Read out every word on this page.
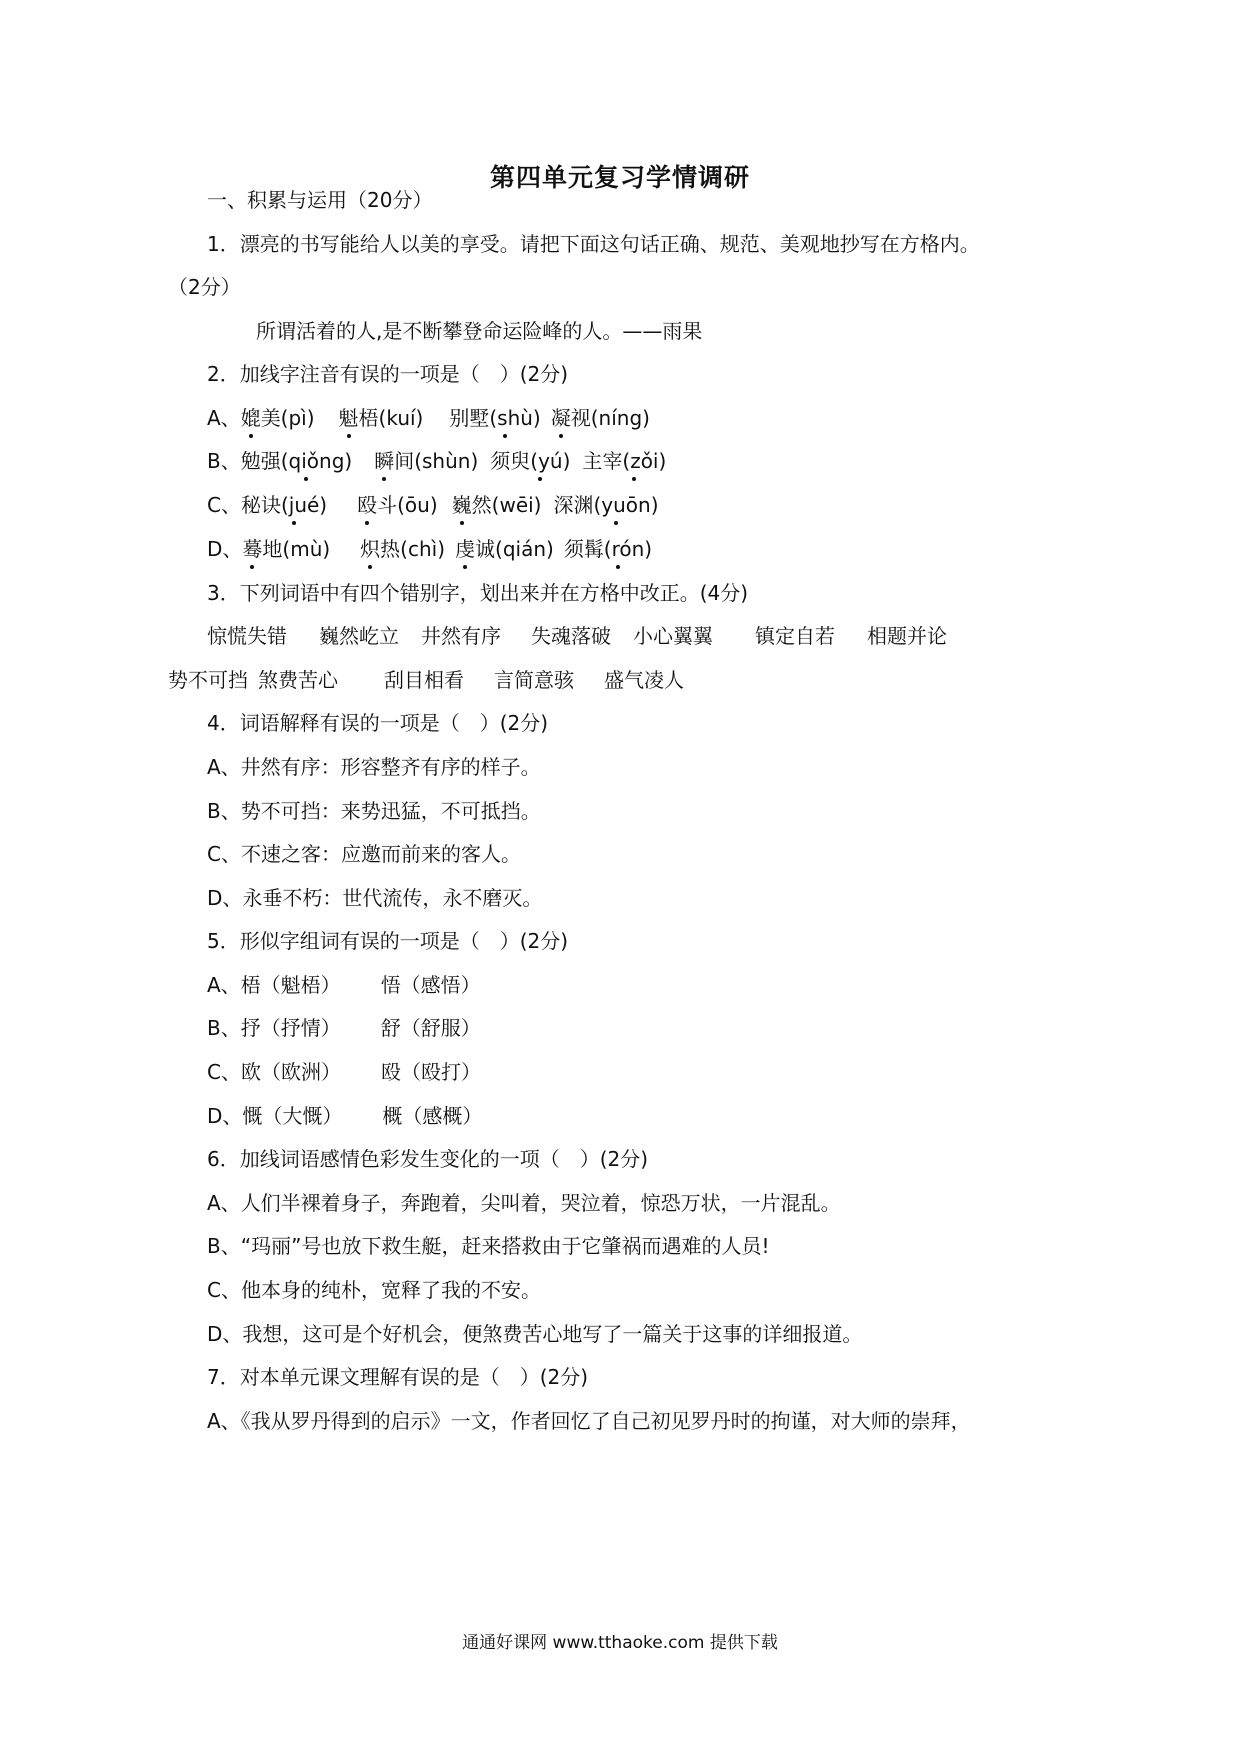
第四单元复习学情调研
一、积累与运用（20分）
1．漂亮的书写能给人以美的享受。请把下面这句话正确、规范、美观地抄写在方格内。
（2分）
所谓活着的人,是不断攀登命运险峰的人。——雨果
2．加线字注音有误的一项是（　）(2分)
A、媲美(pì) 魁梧(kuí) 别墅(shù) 凝视(níng)
B、勉强(qiǒng) 瞬间(shùn) 须臾(yú) 主宰(zǒi)
C、秘诀(jué) 殴斗(ōu) 巍然(wēi) 深渊(yuōn)
D、蓦地(mù) 炽热(chì) 虔诚(qián) 须髯(rón)
3．下列词语中有四个错别字，划出来并在方格中改正。(4分)
惊慌失错 巍然屹立 井然有序 失魂落破 小心翼翼 镇定自若 相题并论
势不可挡 煞费苦心 刮目相看 言简意骇 盛气凌人
4．词语解释有误的一项是（　）(2分)
A、井然有序：形容整齐有序的样子。
B、势不可挡：来势迅猛，不可抵挡。
C、不速之客：应邀而前来的客人。
D、永垂不朽：世代流传，永不磨灭。
5．形似字组词有误的一项是（　）(2分)
A、梧（魁梧） 悟（感悟）
B、抒（抒情） 舒（舒服）
C、欧（欧洲） 殴（殴打）
D、慨（大慨） 概（感概）
6．加线词语感情色彩发生变化的一项（　）(2分)
A、人们半裸着身子，奔跑着，尖叫着，哭泣着，惊恐万状，一片混乱。
B、“玛丽”号也放下救生艇，赶来搭救由于它肇祸而遇难的人员!
C、他本身的纯朴，宽释了我的不安。
D、我想，这可是个好机会，便煞费苦心地写了一篇关于这事的详细报道。
7．对本单元课文理解有误的是（　）(2分)
A、《我从罗丹得到的启示》一文，作者回忆了自己初见罗丹时的拘谨，对大师的崇拜，
通通好课网 www.tthaoke.com 提供下载
